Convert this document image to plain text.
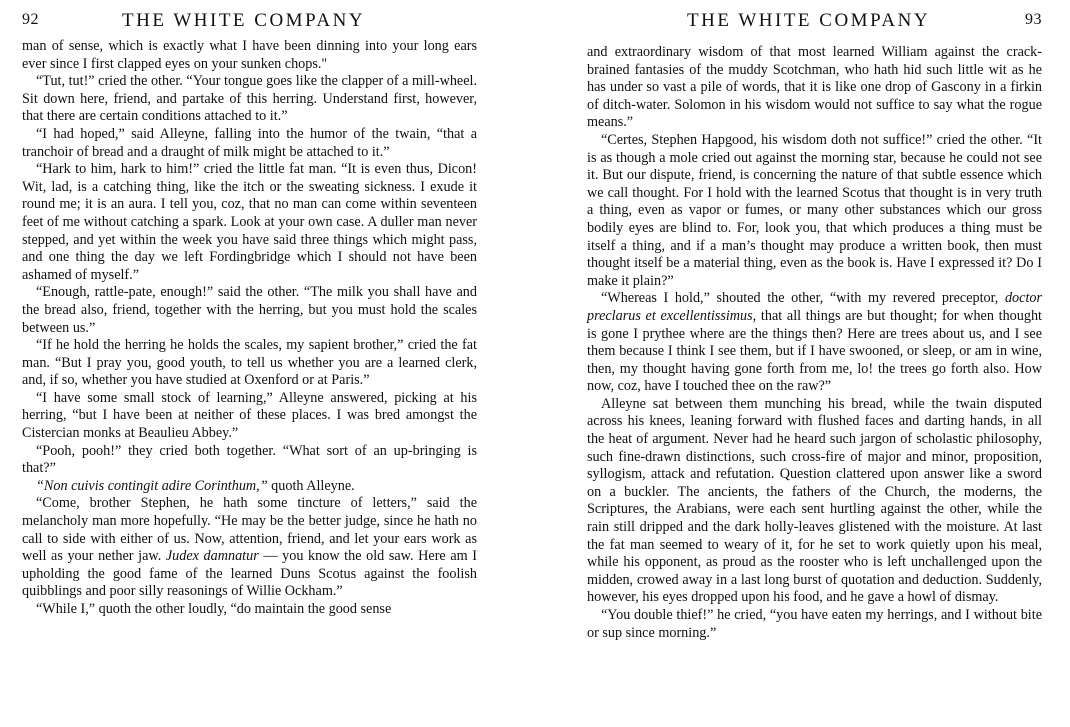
92	THE WHITE COMPANY

man of sense, which is exactly what I have been dinning into your long ears ever since I first clapped eyes on your sunken chops."

“Tut, tut!” cried the other. “Your tongue goes like the clapper of a mill-wheel. Sit down here, friend, and partake of this herring. Understand first, however, that there are certain conditions attached to it.”

“I had hoped,” said Alleyne, falling into the humor of the twain, “that a tranchoir of bread and a draught of milk might be attached to it.”

“Hark to him, hark to him!” cried the little fat man. “It is even thus, Dicon! Wit, lad, is a catching thing, like the itch or the sweating sickness. I exude it round me; it is an aura. I tell you, coz, that no man can come within seventeen feet of me without catching a spark. Look at your own case. A duller man never stepped, and yet within the week you have said three things which might pass, and one thing the day we left Fordingbridge which I should not have been ashamed of myself.”

“Enough, rattle-pate, enough!” said the other. “The milk you shall have and the bread also, friend, together with the herring, but you must hold the scales between us.”

“If he hold the herring he holds the scales, my sapient brother,” cried the fat man. “But I pray you, good youth, to tell us whether you are a learned clerk, and, if so, whether you have studied at Oxenford or at Paris.”

“I have some small stock of learning,” Alleyne answered, picking at his herring, “but I have been at neither of these places. I was bred amongst the Cistercian monks at Beaulieu Abbey.”

“Pooh, pooh!” they cried both together. “What sort of an up-bringing is that?”

“Non cuivis contingit adire Corinthum,” quoth Alleyne.

“Come, brother Stephen, he hath some tincture of letters,” said the melancholy man more hopefully. “He may be the better judge, since he hath no call to side with either of us. Now, attention, friend, and let your ears work as well as your nether jaw. Judex damnatur — you know the old saw. Here am I upholding the good fame of the learned Duns Scotus against the foolish quibblings and poor silly reasonings of Willie Ockham.”

“While I,” quoth the other loudly, “do maintain the good sense

THE WHITE COMPANY	93

and extraordinary wisdom of that most learned William against the crack-brained fantasies of the muddy Scotchman, who hath hid such little wit as he has under so vast a pile of words, that it is like one drop of Gascony in a firkin of ditch-water. Solomon in his wisdom would not suffice to say what the rogue means.”

“Certes, Stephen Hapgood, his wisdom doth not suffice!” cried the other. “It is as though a mole cried out against the morning star, because he could not see it. But our dispute, friend, is concerning the nature of that subtle essence which we call thought. For I hold with the learned Scotus that thought is in very truth a thing, even as vapor or fumes, or many other substances which our gross bodily eyes are blind to. For, look you, that which produces a thing must be itself a thing, and if a man’s thought may produce a written book, then must thought itself be a material thing, even as the book is. Have I expressed it? Do I make it plain?”

“Whereas I hold,” shouted the other, “with my revered preceptor, doctor preclarus et excellentissimus, that all things are but thought; for when thought is gone I prythee where are the things then? Here are trees about us, and I see them because I think I see them, but if I have swooned, or sleep, or am in wine, then, my thought having gone forth from me, lo! the trees go forth also. How now, coz, have I touched thee on the raw?”

Alleyne sat between them munching his bread, while the twain disputed across his knees, leaning forward with flushed faces and darting hands, in all the heat of argument. Never had he heard such jargon of scholastic philosophy, such fine-drawn distinctions, such cross-fire of major and minor, proposition, syllogism, attack and refutation. Question clattered upon answer like a sword on a buckler. The ancients, the fathers of the Church, the moderns, the Scriptures, the Arabians, were each sent hurtling against the other, while the rain still dripped and the dark holly-leaves glistened with the moisture. At last the fat man seemed to weary of it, for he set to work quietly upon his meal, while his opponent, as proud as the rooster who is left unchallenged upon the midden, crowed away in a last long burst of quotation and deduction. Suddenly, however, his eyes dropped upon his food, and he gave a howl of dismay.

“You double thief!” he cried, “you have eaten my herrings, and I without bite or sup since morning.”
